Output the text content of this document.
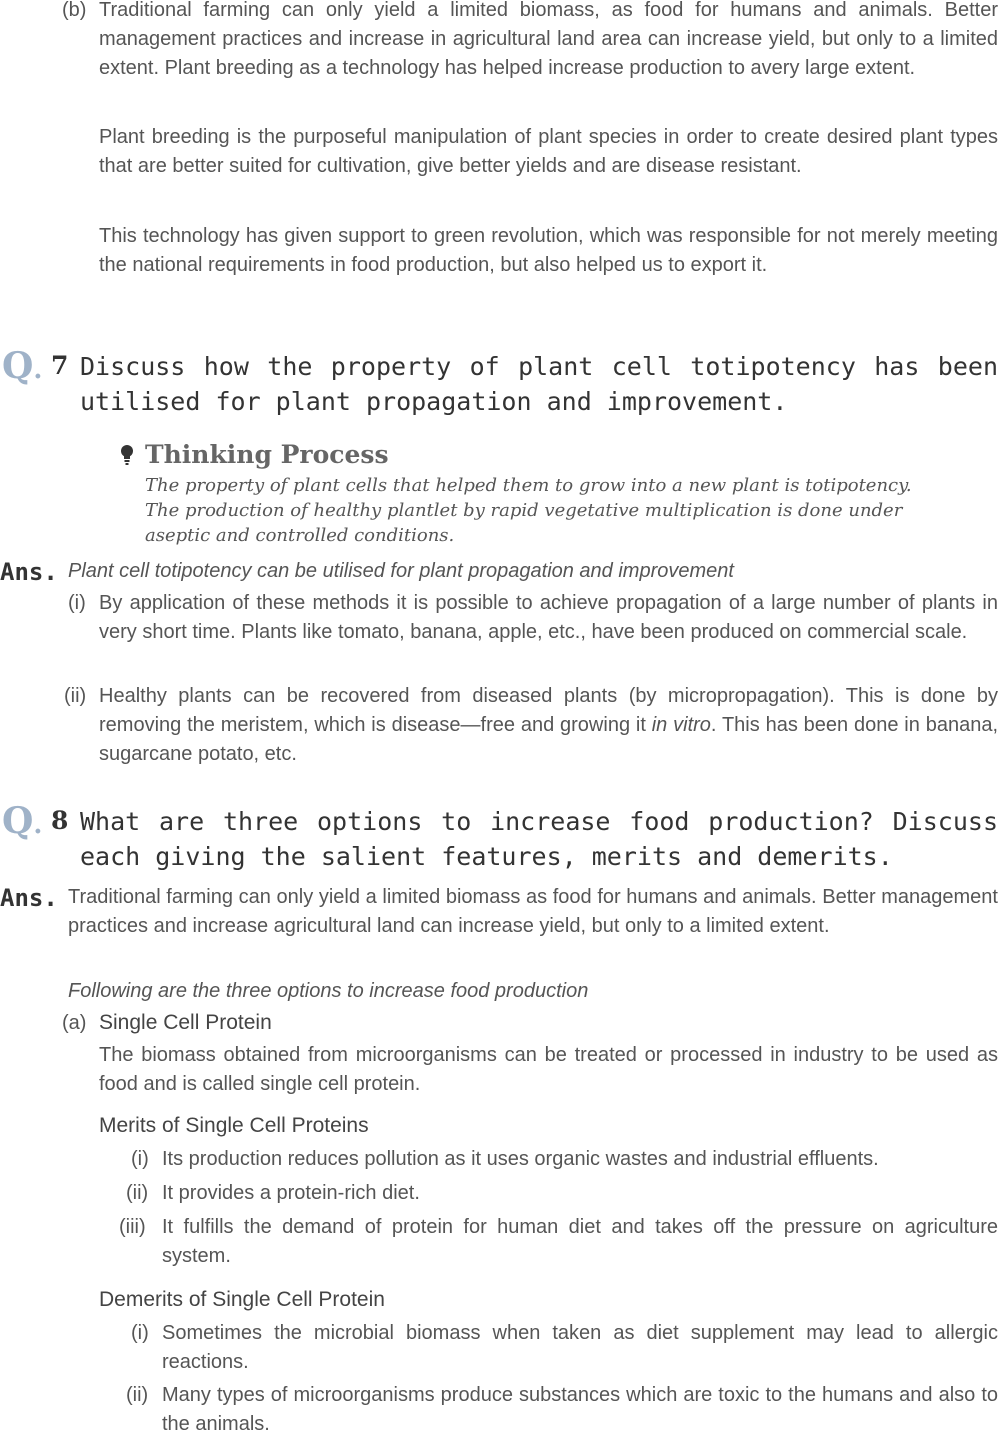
(b) Traditional farming can only yield a limited biomass, as food for humans and animals. Better management practices and increase in agricultural land area can increase yield, but only to a limited extent. Plant breeding as a technology has helped increase production to avery large extent.

Plant breeding is the purposeful manipulation of plant species in order to create desired plant types that are better suited for cultivation, give better yields and are disease resistant.

This technology has given support to green revolution, which was responsible for not merely meeting the national requirements in food production, but also helped us to export it.

Q. 7 Discuss how the property of plant cell totipotency has been utilised for plant propagation and improvement.

Thinking Process

The property of plant cells that helped them to grow into a new plant is totipotency. The production of healthy plantlet by rapid vegetative multiplication is done under aseptic and controlled conditions.

Ans. Plant cell totipotency can be utilised for plant propagation and improvement

(i) By application of these methods it is possible to achieve propagation of a large number of plants in very short time. Plants like tomato, banana, apple, etc., have been produced on commercial scale.

(ii) Healthy plants can be recovered from diseased plants (by micropropagation). This is done by removing the meristem, which is disease—free and growing it in vitro. This has been done in banana, sugarcane potato, etc.

Q. 8 What are three options to increase food production? Discuss each giving the salient features, merits and demerits.

Ans. Traditional farming can only yield a limited biomass as food for humans and animals. Better management practices and increase agricultural land can increase yield, but only to a limited extent.

Following are the three options to increase food production

(a) Single Cell Protein

The biomass obtained from microorganisms can be treated or processed in industry to be used as food and is called single cell protein.

Merits of Single Cell Proteins
(i) Its production reduces pollution as it uses organic wastes and industrial effluents.

(ii) It provides a protein-rich diet.

(iii) It fulfills the demand of protein for human diet and takes off the pressure on agriculture system.

Demerits of Single Cell Protein
(i) Sometimes the microbial biomass when taken as diet supplement may lead to allergic reactions.

(ii) Many types of microorganisms produce substances which are toxic to the humans and also to the animals.
